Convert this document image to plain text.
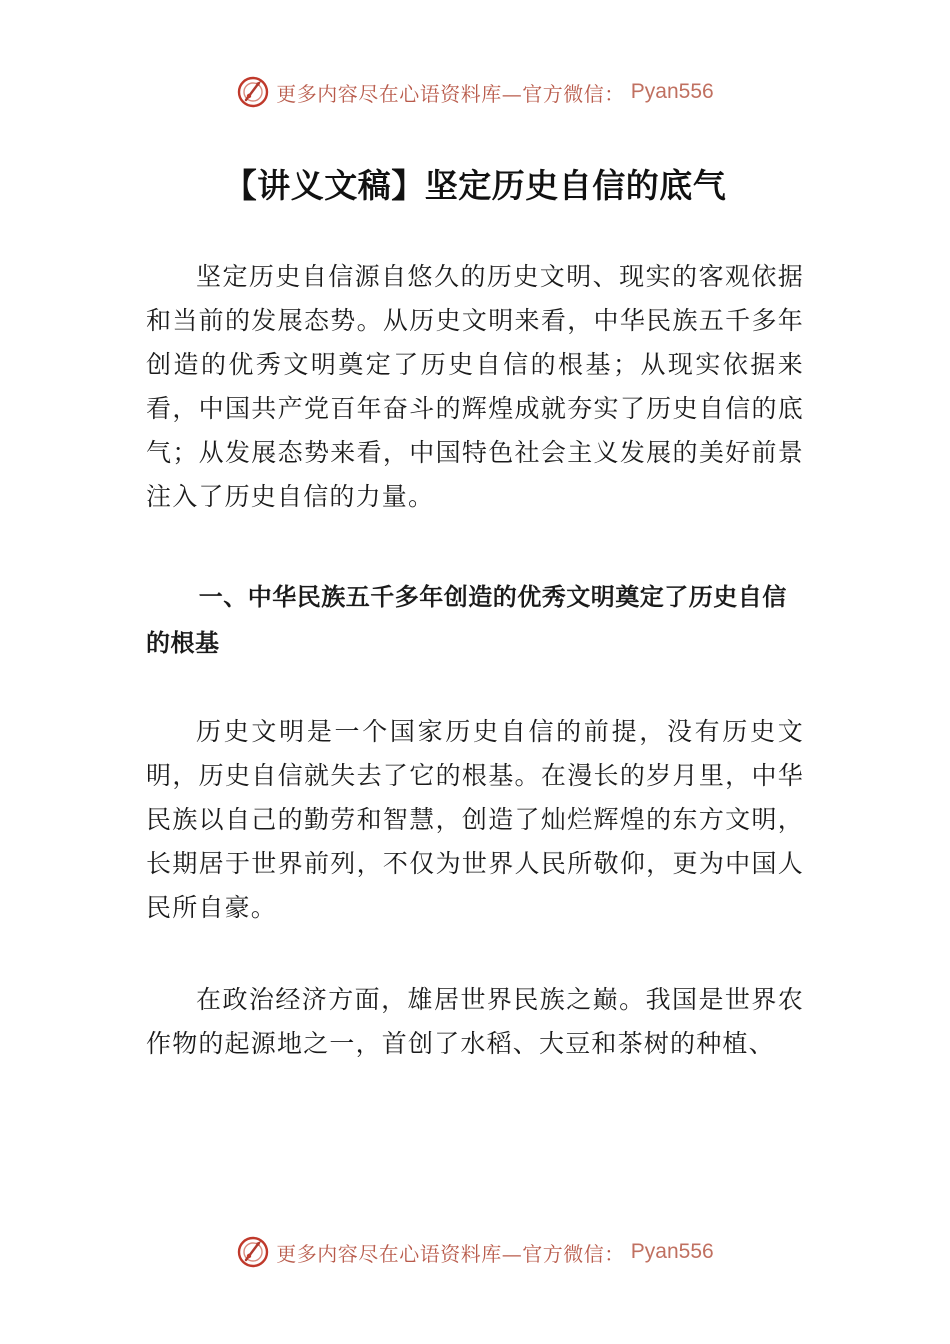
更多内容尽在心语资料库—官方微信： Pyan556
【讲义文稿】坚定历史自信的底气

坚定历史自信源自悠久的历史文明、现实的客观依据和当前的发展态势。从历史文明来看，中华民族五千多年创造的优秀文明奠定了历史自信的根基；从现实依据来看，中国共产党百年奋斗的辉煌成就夯实了历史自信的底气；从发展态势来看，中国特色社会主义发展的美好前景注入了历史自信的力量。

一、中华民族五千多年创造的优秀文明奠定了历史自信的根基

历史文明是一个国家历史自信的前提，没有历史文明，历史自信就失去了它的根基。在漫长的岁月里，中华民族以自己的勤劳和智慧，创造了灿烂辉煌的东方文明，长期居于世界前列，不仅为世界人民所敬仰，更为中国人民所自豪。

在政治经济方面，雄居世界民族之巅。我国是世界农作物的起源地之一，首创了水稻、大豆和茶树的种植、

更多内容尽在心语资料库—官方微信： Pyan556
